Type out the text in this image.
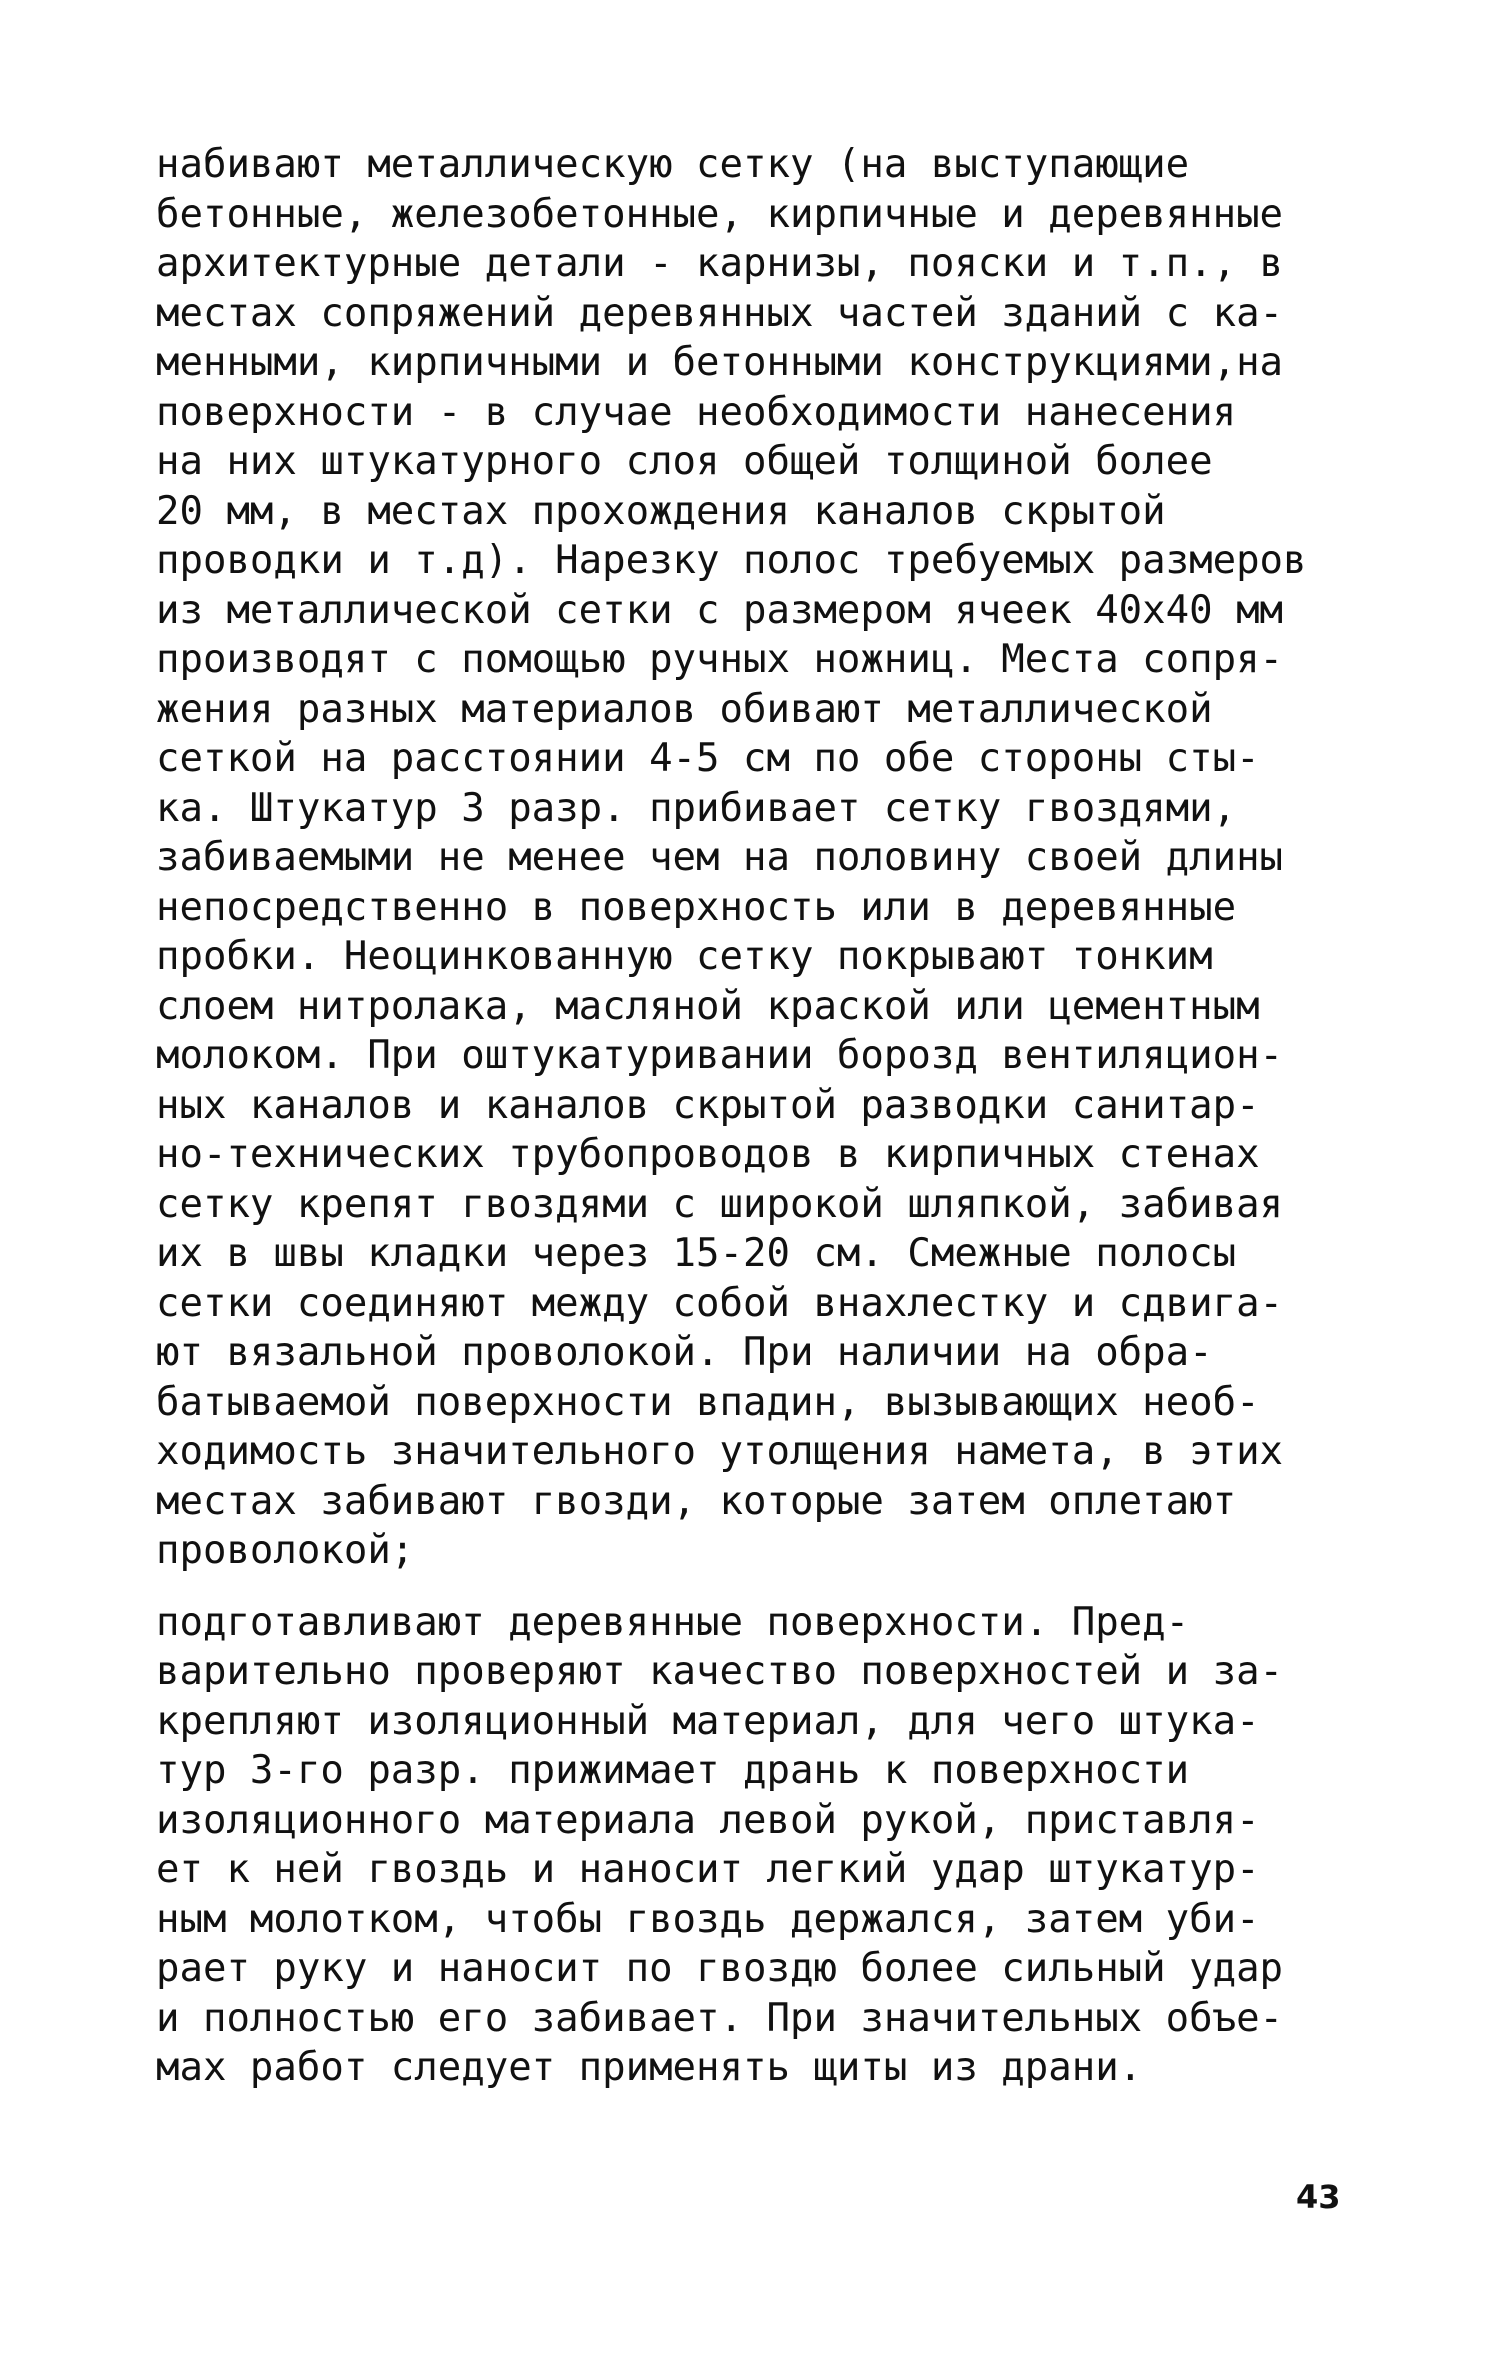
набивают металлическую сетку (на выступающие
бетонные, железобетонные, кирпичные и деревянные
архитектурные детали - карнизы, пояски и т.п., в
местах сопряжений деревянных частей зданий с ка-
менными, кирпичными и бетонными конструкциями,на
поверхности - в случае необходимости нанесения
на них штукатурного слоя общей толщиной более
20 мм, в местах прохождения каналов скрытой
проводки и т.д). Нарезку полос требуемых размеров
из металлической сетки с размером ячеек 40х40 мм
производят с помощью ручных ножниц. Места сопря-
жения разных материалов обивают металлической
сеткой на расстоянии 4-5 см по обе стороны сты-
ка. Штукатур 3 разр. прибивает сетку гвоздями,
забиваемыми не менее чем на половину своей длины
непосредственно в поверхность или в деревянные
пробки. Неоцинкованную сетку покрывают тонким
слоем нитролака, масляной краской или цементным
молоком. При оштукатуривании борозд вентиляцион-
ных каналов и каналов скрытой разводки санитар-
но-технических трубопроводов в кирпичных стенах
сетку крепят гвоздями с широкой шляпкой, забивая
их в швы кладки через 15-20 см. Смежные полосы
сетки соединяют между собой внахлестку и сдвига-
ют вязальной проволокой. При наличии на обра-
батываемой поверхности впадин, вызывающих необ-
ходимость значительного утолщения намета, в этих
местах забивают гвозди, которые затем оплетают
проволокой;
подготавливают деревянные поверхности. Пред-
варительно проверяют качество поверхностей и за-
крепляют изоляционный материал, для чего штука-
тур 3-го разр. прижимает дрань к поверхности
изоляционного материала левой рукой, приставля-
ет к ней гвоздь и наносит легкий удар штукатур-
ным молотком, чтобы гвоздь держался, затем уби-
рает руку и наносит по гвоздю более сильный удар
и полностью его забивает. При значительных объе-
мах работ следует применять щиты из драни.
43
